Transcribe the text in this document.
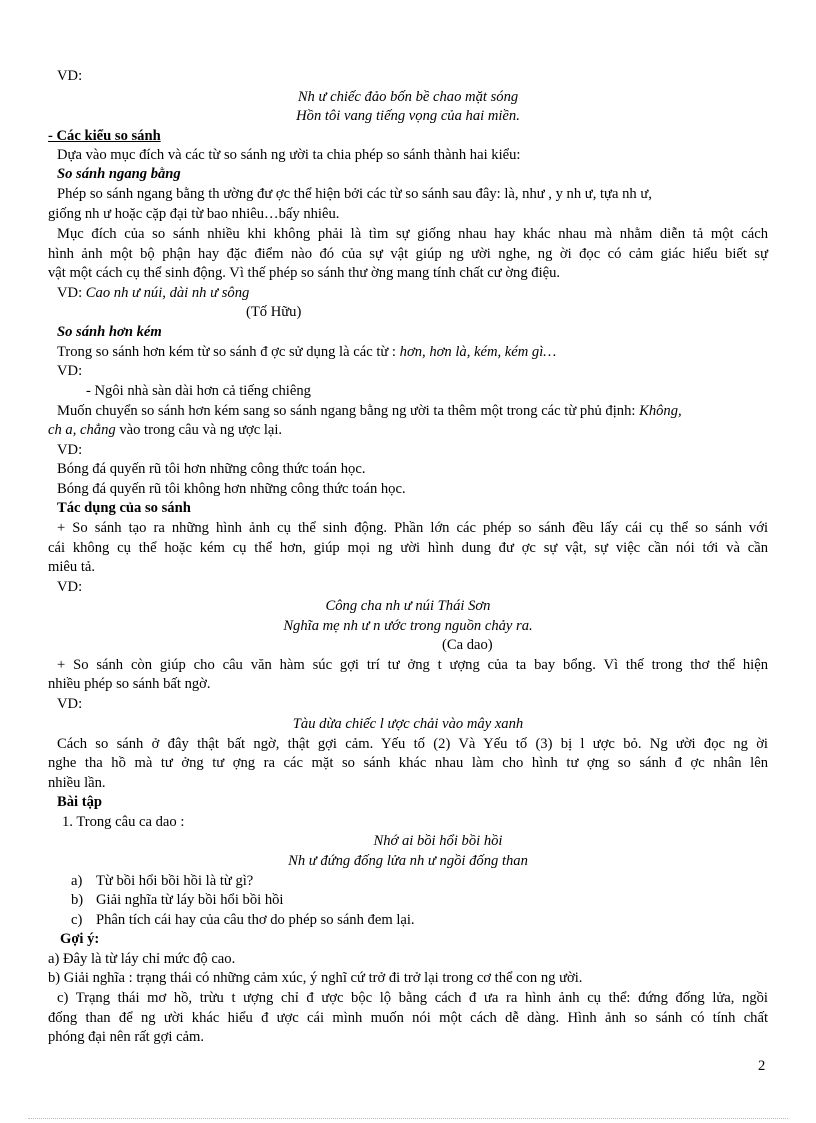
VD:
Nh ư chiếc đảo bốn bề chao mặt sóng
Hồn tôi vang tiếng vọng của hai miền.
- Các kiểu so sánh
Dựa vào mục đích và các từ so sánh ng ười ta chia phép so sánh thành hai kiểu:
So sánh ngang bằng
Phép so sánh ngang bằng th ường đư ợc thể hiện bởi các từ so sánh sau đây: là, như , y nh ư, tựa nh ư,
giống nh ư hoặc cặp đại từ bao nhiêu…bấy nhiêu.
Mục đích của so sánh nhiều khi không phải là tìm sự giống nhau hay khác nhau mà nhằm diễn tả một cách
hình ảnh một bộ phận hay đặc điểm nào đó của sự vật giúp ng ười nghe, ng ời đọc có cảm giác hiểu biết sự
vật một cách cụ thể sinh động. Vì thế phép so sánh thư ờng mang tính chất cư ờng điệu.
VD: Cao nh ư núi, dài nh ư sông
(Tố Hữu)
So sánh hơn kém
Trong so sánh hơn kém từ so sánh đ ợc sử dụng là các từ : hơn, hơn là, kém, kém gì…
VD:
- Ngôi nhà sàn dài hơn cả tiếng chiêng
Muốn chuyển so sánh hơn kém sang so sánh ngang bằng ng ười ta thêm một trong các từ phủ định: Không,
ch a, chẳng vào trong câu và ng ược lại.
VD:
Bóng đá quyến rũ tôi hơn những công thức toán học.
Bóng đá quyến rũ tôi không hơn những công thức toán học.
Tác dụng của so sánh
+ So sánh tạo ra những hình ảnh cụ thể sinh động. Phần lớn các phép so sánh đều lấy cái cụ thể so sánh với
cái không cụ thể hoặc kém cụ thể hơn, giúp mọi ng ười hình dung đư ợc sự vật, sự việc cần nói tới và cần
miêu tả.
VD:
Công cha nh ư núi Thái Sơn
Nghĩa mẹ nh ư n ước trong nguồn chảy ra.
(Ca dao)
+ So sánh còn giúp cho câu văn hàm súc gợi trí tư ởng t ượng của ta bay bổng. Vì thế trong thơ thể hiện
nhiều phép so sánh bất ngờ.
VD:
Tàu dừa chiếc l ược chải vào mây xanh
Cách so sánh ở đây thật bất ngờ, thật gợi cảm. Yếu tố (2) Và Yếu tố (3) bị l ược bỏ. Ng ười đọc ng ời
nghe tha hồ mà tư ởng tư ợng ra các mặt so sánh khác nhau làm cho hình tư ợng so sánh đ ợc nhân lên
nhiều lần.
Bài tập
1. Trong câu ca dao :
Nhớ ai bồi hổi bồi hồi
Nh ư đứng đống lửa nh ư ngồi đống than
a) Từ bồi hổi bồi hồi là từ gì?
b) Giải nghĩa từ láy bồi hổi bồi hồi
c) Phân tích cái hay của câu thơ do phép so sánh đem lại.
Gợi ý:
a) Đây là từ láy chỉ mức độ cao.
b) Giải nghĩa : trạng thái có những cảm xúc, ý nghĩ cứ trở đi trở lại trong cơ thể con ng ười.
c) Trạng thái mơ hồ, trừu t ượng chỉ đ ược bộc lộ bằng cách đ ưa ra hình ảnh cụ thể: đứng đống lửa, ngồi
đống than để ng ười khác hiểu đ ược cái mình muốn nói một cách dễ dàng. Hình ảnh so sánh có tính chất
phóng đại nên rất gợi cảm.
2
